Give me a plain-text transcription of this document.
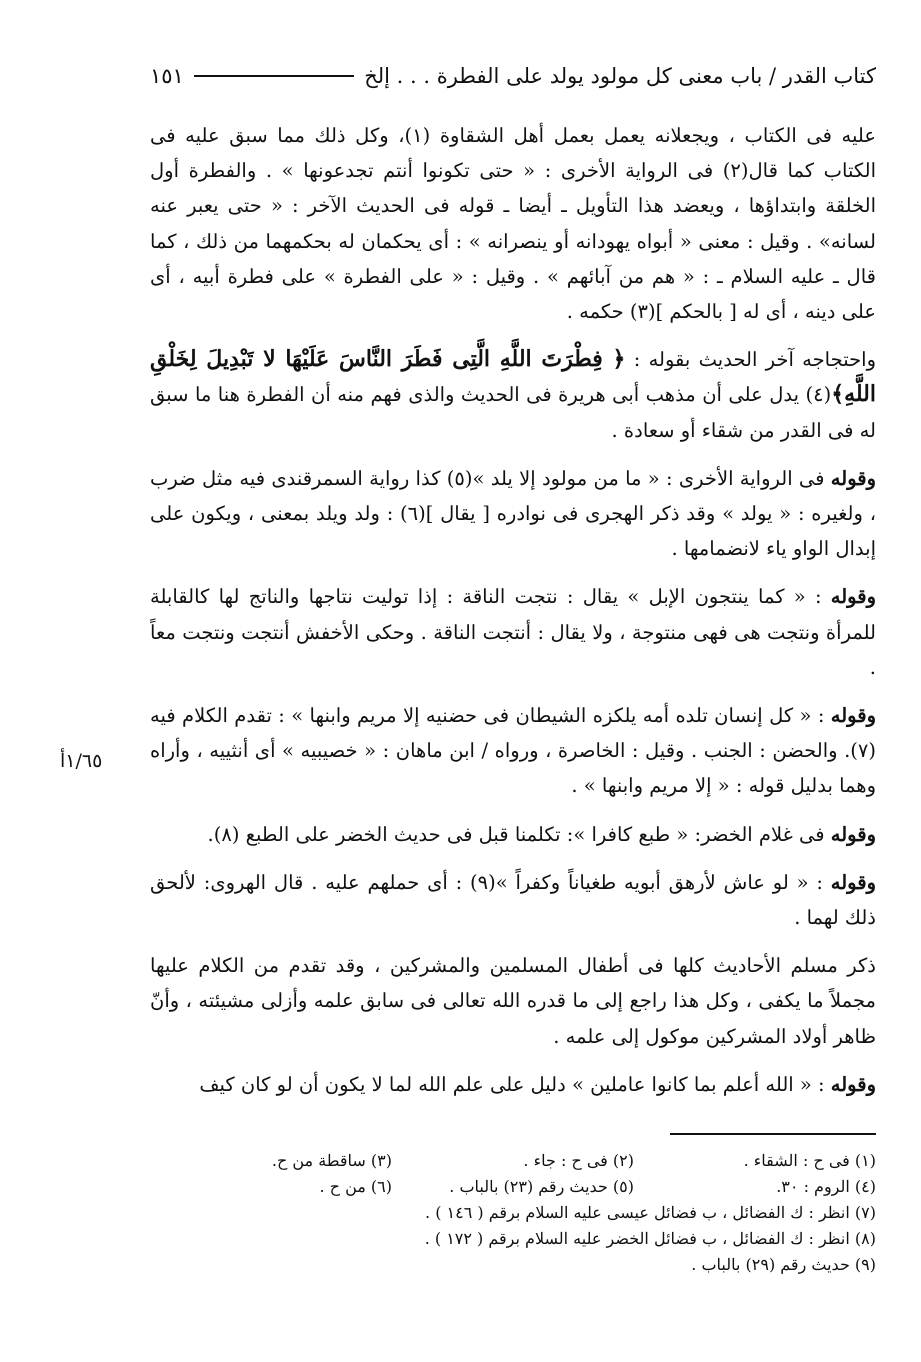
كتاب القدر / باب معنى كل مولود يولد على الفطرة . . . إلخ
١٥١

عليه فى الكتاب ، ويجعلانه يعمل بعمل أهل الشقاوة (١)، وكل ذلك مما سبق عليه فى الكتاب كما قال(٢) فى الرواية الأخرى : « حتى تكونوا أنتم تجدعونها » . والفطرة أول الخلقة وابتداؤها ، ويعضد هذا التأويل ـ أيضا ـ قوله فى الحديث الآخر : « حتى يعبر عنه لسانه» . وقيل : معنى « أبواه يهودانه أو ينصرانه » : أى يحكمان له بحكمهما من ذلك ، كما قال ـ عليه السلام ـ : « هم من آبائهم » . وقيل : « على الفطرة » على فطرة أبيه ، أى على دينه ، أى له [ بالحكم ](٣) حكمه .

واحتجاجه آخر الحديث بقوله : ﴿ فِطْرَتَ اللَّهِ الَّتِى فَطَرَ النَّاسَ عَلَيْهَا لا تَبْدِيلَ لِخَلْقِ اللَّهِ﴾(٤) يدل على أن مذهب أبى هريرة فى الحديث والذى فهم منه أن الفطرة هنا ما سبق له فى القدر من شقاء أو سعادة .

وقوله فى الرواية الأخرى : « ما من مولود إلا يلد »(٥) كذا رواية السمرقندى فيه مثل ضرب ، ولغيره : « يولد » وقد ذكر الهجرى فى نوادره [ يقال ](٦) : ولد ويلد بمعنى ، ويكون على إبدال الواو ياء لانضمامها .

وقوله : « كما ينتجون الإبل » يقال : نتجت الناقة : إذا توليت نتاجها والناتج لها كالقابلة للمرأة ونتجت هى فهى منتوجة ، ولا يقال : أنتجت الناقة . وحكى الأخفش أنتجت ونتجت معاً .

وقوله : « كل إنسان تلده أمه يلكزه الشيطان فى حضنيه إلا مريم وابنها » : تقدم الكلام فيه (٧). والحضن : الجنب . وقيل : الخاصرة ، ورواه / ابن ماهان : « خصيبيه » أى أنثييه ، وأراه وهما بدليل قوله : « إلا مريم وابنها » .

وقوله فى غلام الخضر: « طبع كافرا »: تكلمنا قبل فى حديث الخضر على الطبع (٨).

وقوله : « لو عاش لأرهق أبويه طغياناً وكفراً »(٩) : أى حملهم عليه . قال الهروى: لألحق ذلك لهما .

ذكر مسلم الأحاديث كلها فى أطفال المسلمين والمشركين ، وقد تقدم من الكلام عليها مجملاً ما يكفى ، وكل هذا راجع إلى ما قدره الله تعالى فى سابق علمه وأزلى مشيئته ، وأنّ ظاهر أولاد المشركين موكول إلى علمه .

وقوله : « الله أعلم بما كانوا عاملين » دليل على علم الله لما لا يكون أن لو كان كيف

١/٦٥أ
(١) فى ح : الشقاء .
(٢) فى ح : جاء .
(٣) ساقطة من ح.
(٤) الروم : ٣٠.
(٥) حديث رقم (٢٣) بالباب .
(٦) من ح .
(٧) انظر : ك الفضائل ، ب فضائل عيسى عليه السلام برقم ( ١٤٦ ) .
(٨) انظر : ك الفضائل ، ب فضائل الخضر عليه السلام برقم ( ١٧٢ ) .
(٩) حديث رقم (٢٩) بالباب .
